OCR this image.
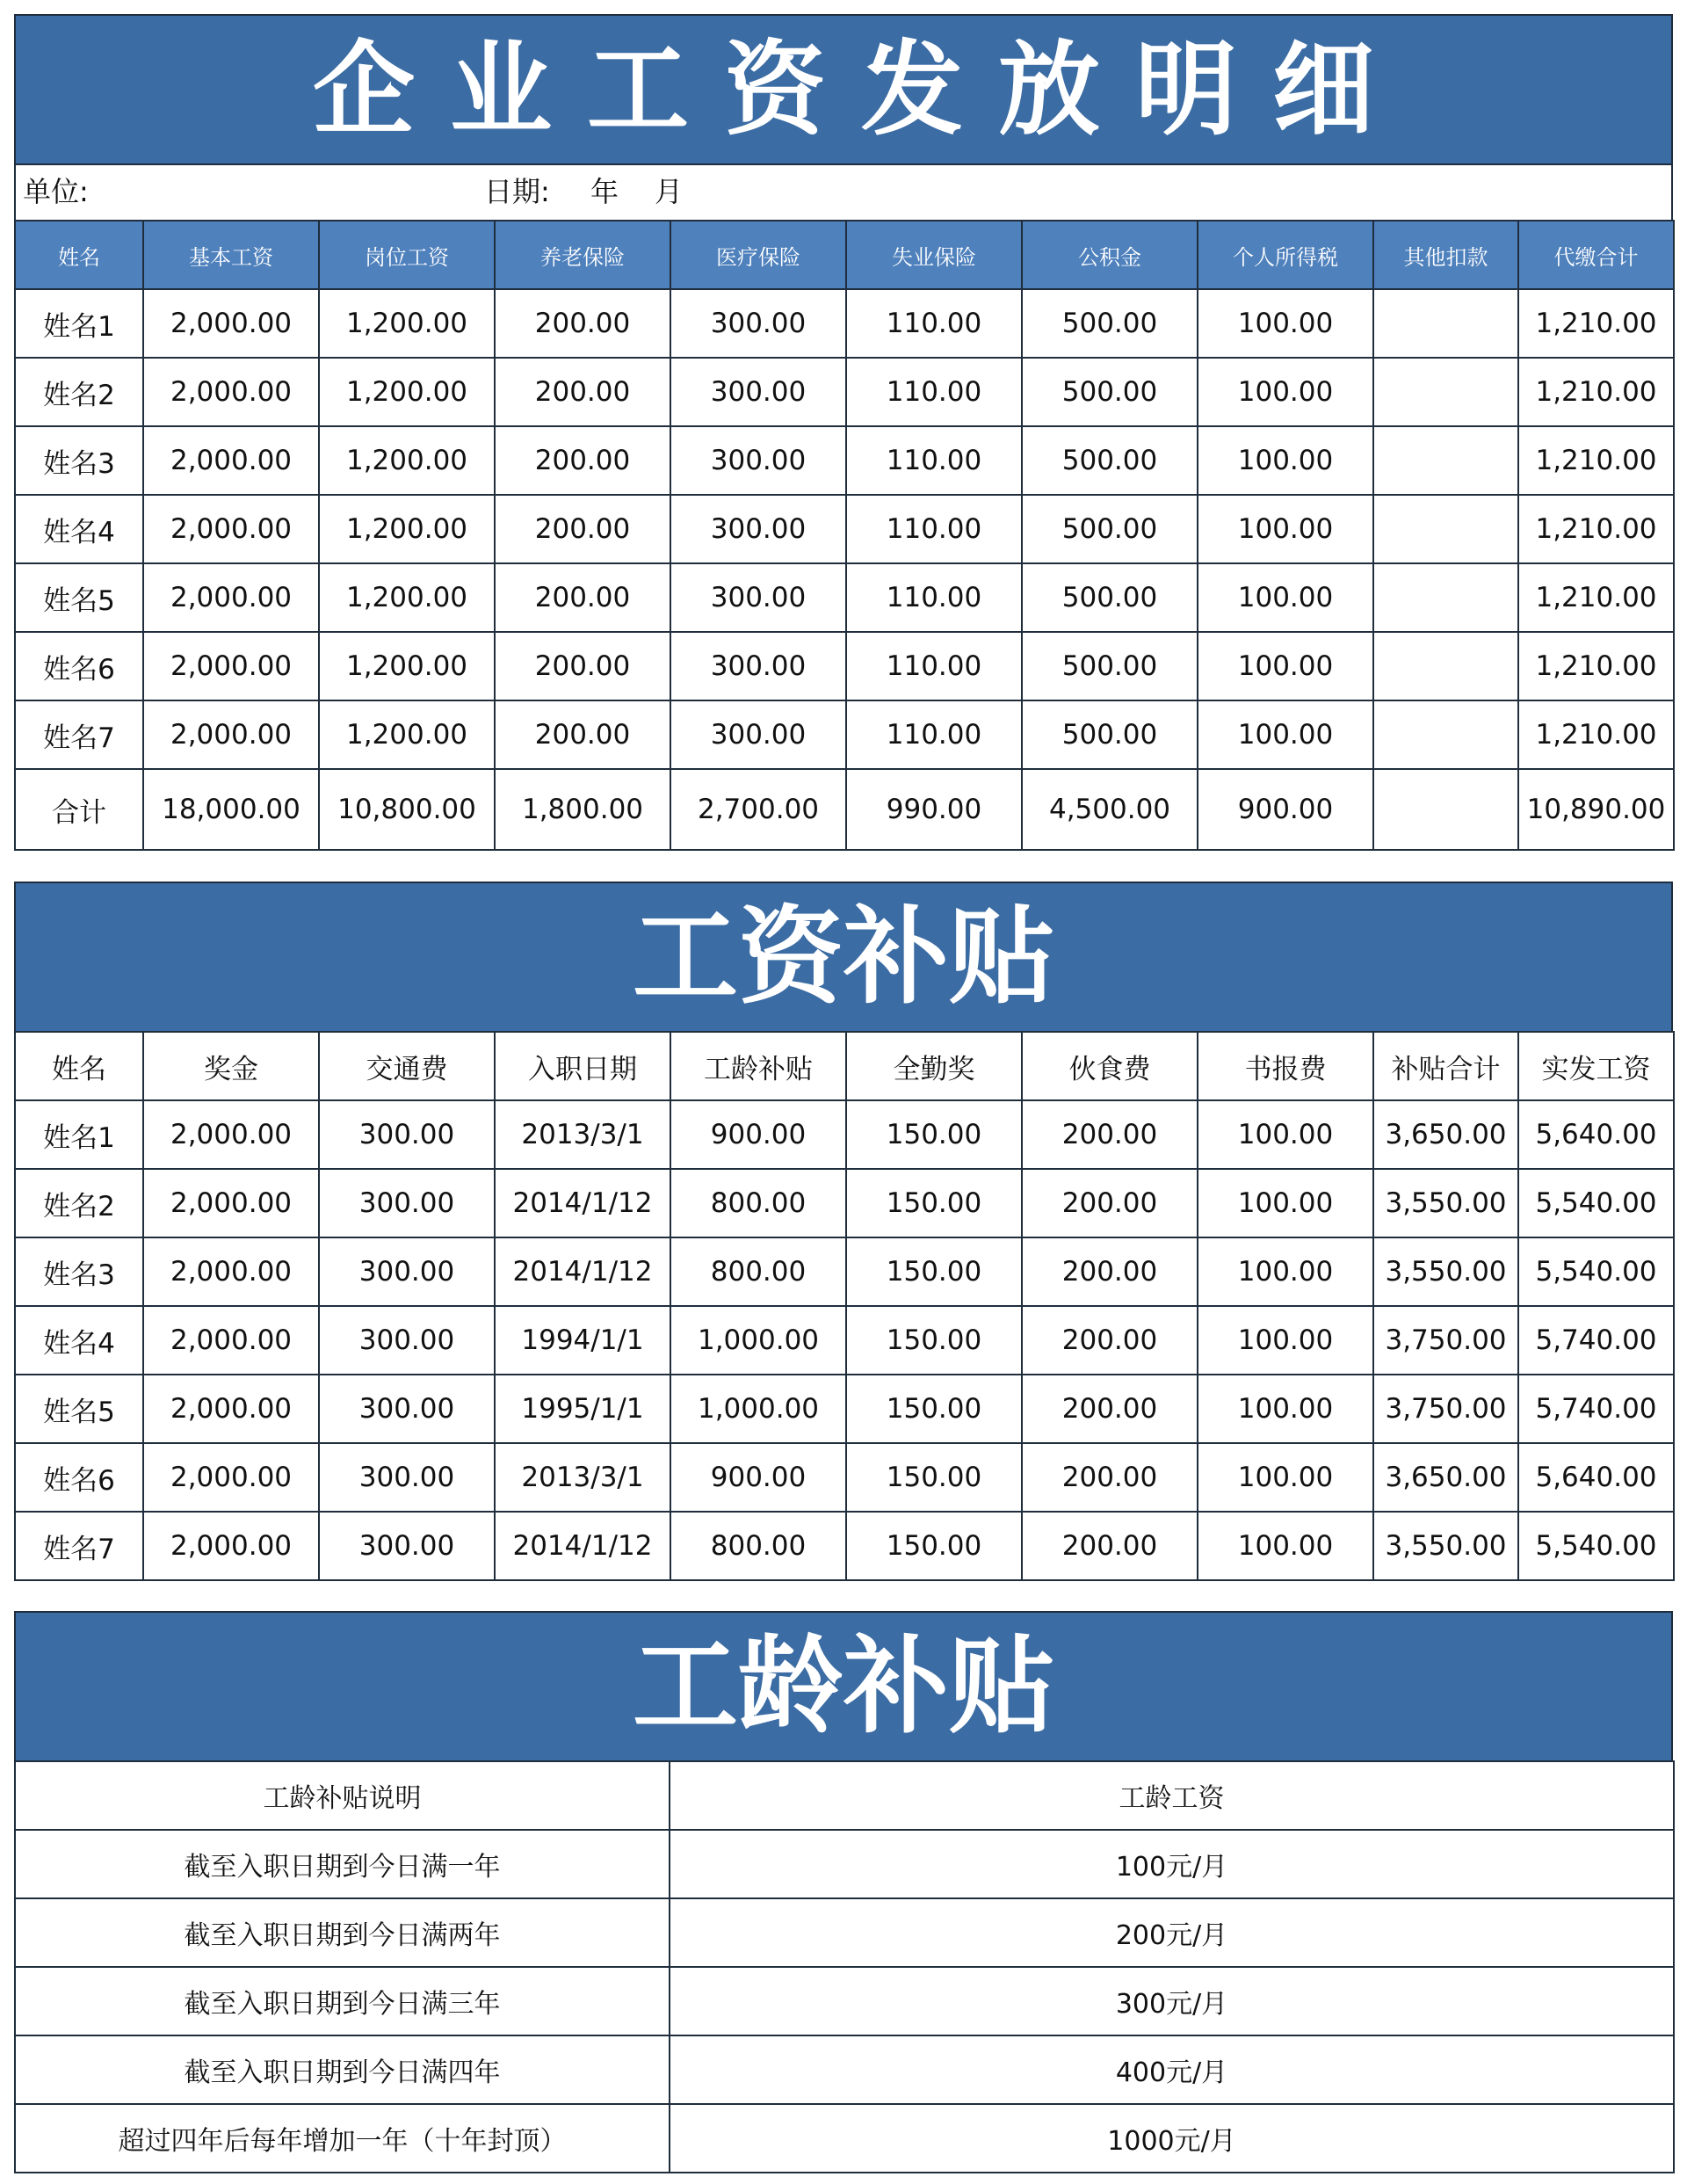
企业工资发放明细
单位:	日期: 年 月
姓名	基本工资	岗位工资	养老保险	医疗保险	失业保险	公积金	个人所得税	其他扣款	代缴合计
姓名1	2,000.00	1,200.00	200.00	300.00	110.00	500.00	100.00		1,210.00
姓名2	2,000.00	1,200.00	200.00	300.00	110.00	500.00	100.00		1,210.00
姓名3	2,000.00	1,200.00	200.00	300.00	110.00	500.00	100.00		1,210.00
姓名4	2,000.00	1,200.00	200.00	300.00	110.00	500.00	100.00		1,210.00
姓名5	2,000.00	1,200.00	200.00	300.00	110.00	500.00	100.00		1,210.00
姓名6	2,000.00	1,200.00	200.00	300.00	110.00	500.00	100.00		1,210.00
姓名7	2,000.00	1,200.00	200.00	300.00	110.00	500.00	100.00		1,210.00
合计	18,000.00	10,800.00	1,800.00	2,700.00	990.00	4,500.00	900.00		10,890.00
工资补贴
姓名	奖金	交通费	入职日期	工龄补贴	全勤奖	伙食费	书报费	补贴合计	实发工资
姓名1	2,000.00	300.00	2013/3/1	900.00	150.00	200.00	100.00	3,650.00	5,640.00
姓名2	2,000.00	300.00	2014/1/12	800.00	150.00	200.00	100.00	3,550.00	5,540.00
姓名3	2,000.00	300.00	2014/1/12	800.00	150.00	200.00	100.00	3,550.00	5,540.00
姓名4	2,000.00	300.00	1994/1/1	1,000.00	150.00	200.00	100.00	3,750.00	5,740.00
姓名5	2,000.00	300.00	1995/1/1	1,000.00	150.00	200.00	100.00	3,750.00	5,740.00
姓名6	2,000.00	300.00	2013/3/1	900.00	150.00	200.00	100.00	3,650.00	5,640.00
姓名7	2,000.00	300.00	2014/1/12	800.00	150.00	200.00	100.00	3,550.00	5,540.00
工龄补贴
工龄补贴说明	工龄工资
截至入职日期到今日满一年	100元/月
截至入职日期到今日满两年	200元/月
截至入职日期到今日满三年	300元/月
截至入职日期到今日满四年	400元/月
超过四年后每年增加一年（十年封顶）	1000元/月
